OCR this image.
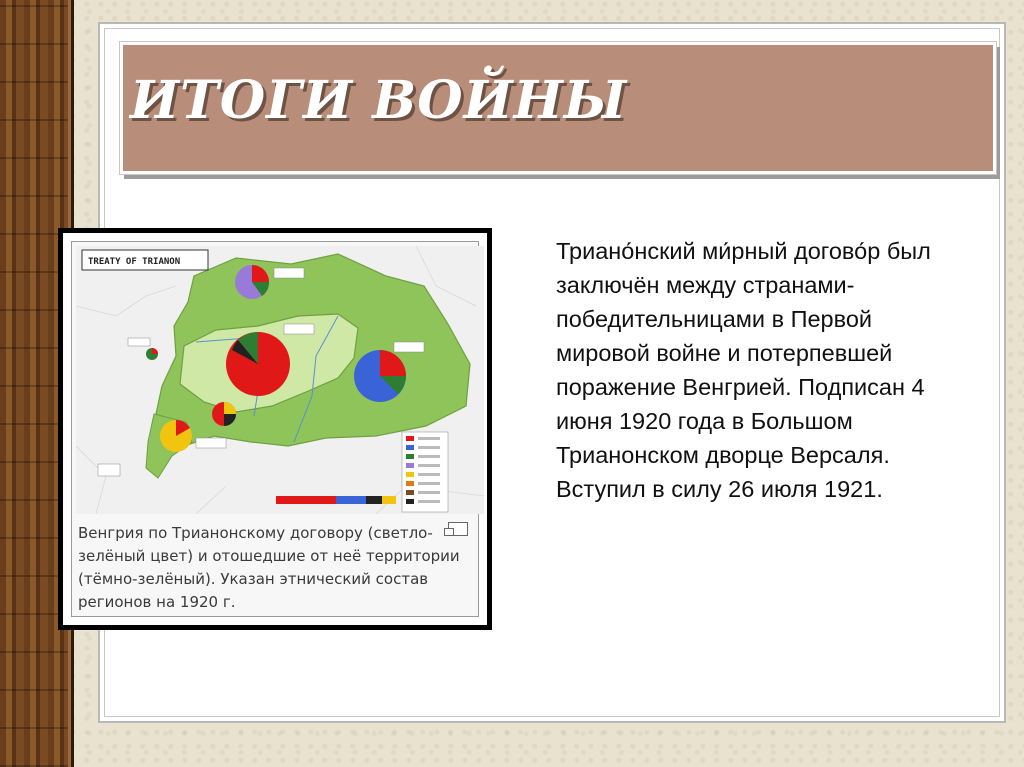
ИТОГИ ВОЙНЫ
TREATY OF TRIANON
Венгрия по Трианонскому договору (светло-зелёный цвет) и отошедшие от неё территории (тёмно-зелёный). Указан этнический состав регионов на 1920 г.
Триано́нский ми́рный догово́р был заключён между странами-победительницами в Первой мировой войне и потерпевшей поражение Венгрией. Подписан 4 июня 1920 года в Большом Трианонском дворце Версаля. Вступил в силу 26 июля 1921.
